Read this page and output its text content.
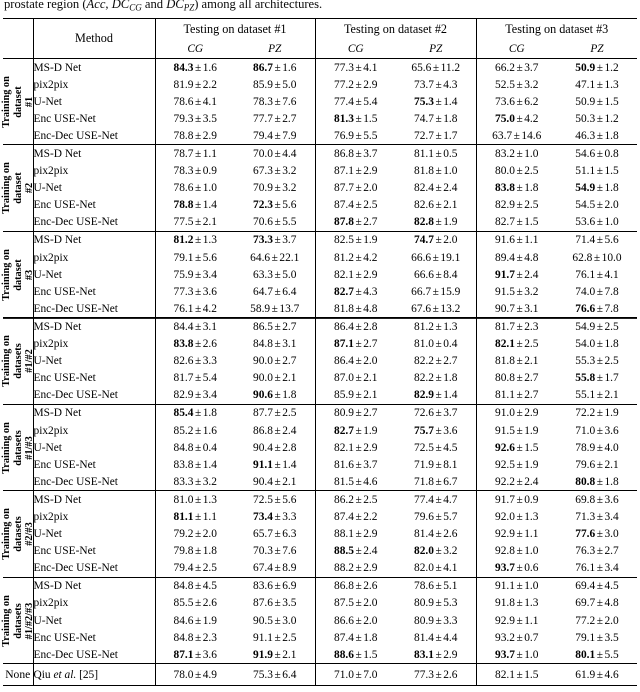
prostate region (Acc, $DC_{CG}$ and $DC_{PZ}$) among all architectures.
	Method	Testing on dataset #1		Testing on dataset #2		Testing on dataset #3	
		CG	PZ	CG	PZ	CG	PZ

Training on dataset #1	MS-D Net	84.3 ± 1.6	86.7 ± 1.6	77.3 ± 4.1	65.6 ± 11.2	66.2 ± 3.7	50.9 ± 1.2
	pix2pix	81.9 ± 2.2	85.9 ± 5.0	77.2 ± 2.9	73.7 ± 4.3	52.5 ± 3.2	47.1 ± 1.3
	U-Net	78.6 ± 4.1	78.3 ± 7.6	77.4 ± 5.4	75.3 ± 1.4	73.6 ± 6.2	50.9 ± 1.5
	Enc USE-Net	79.3 ± 3.5	77.7 ± 2.7	81.3 ± 1.5	74.7 ± 1.8	75.0 ± 4.2	50.3 ± 1.2
	Enc-Dec USE-Net	78.8 ± 2.9	79.4 ± 7.9	76.9 ± 5.5	72.7 ± 1.7	63.7 ± 14.6	46.3 ± 1.8

Training on dataset #2	MS-D Net	78.7 ± 1.1	70.0 ± 4.4	86.8 ± 3.7	81.1 ± 0.5	83.2 ± 1.0	54.6 ± 0.8
	pix2pix	78.3 ± 0.9	67.3 ± 3.2	87.1 ± 2.9	81.8 ± 1.0	80.0 ± 2.5	51.1 ± 1.5
	U-Net	78.6 ± 1.0	70.9 ± 3.2	87.7 ± 2.0	82.4 ± 2.4	83.8 ± 1.8	54.9 ± 1.8
	Enc USE-Net	78.8 ± 1.4	72.3 ± 5.6	87.4 ± 2.5	82.6 ± 2.1	82.9 ± 2.5	54.5 ± 2.0
	Enc-Dec USE-Net	77.5 ± 2.1	70.6 ± 5.5	87.8 ± 2.7	82.8 ± 1.9	82.7 ± 1.5	53.6 ± 1.0

Training on dataset #3	MS-D Net	81.2 ± 1.3	73.3 ± 3.7	82.5 ± 1.9	74.7 ± 2.0	91.6 ± 1.1	71.4 ± 5.6
	pix2pix	79.1 ± 5.6	64.6 ± 22.1	81.2 ± 4.2	66.6 ± 19.1	89.4 ± 4.8	62.8 ± 10.0
	U-Net	75.9 ± 3.4	63.3 ± 5.0	82.1 ± 2.9	66.6 ± 8.4	91.7 ± 2.4	76.1 ± 4.1
	Enc USE-Net	77.3 ± 3.6	64.7 ± 6.4	82.7 ± 4.3	66.7 ± 15.9	91.5 ± 3.2	74.0 ± 7.8
	Enc-Dec USE-Net	76.1 ± 4.2	58.9 ± 13.7	81.8 ± 4.8	67.6 ± 13.2	90.7 ± 3.1	76.6 ± 7.8

Training on datasets #1/#2	MS-D Net	84.4 ± 3.1	86.5 ± 2.7	86.4 ± 2.8	81.2 ± 1.3	81.7 ± 2.3	54.9 ± 2.5
	pix2pix	83.8 ± 2.6	84.8 ± 3.1	87.1 ± 2.7	81.0 ± 0.4	82.1 ± 2.5	54.0 ± 1.8
	U-Net	82.6 ± 3.3	90.0 ± 2.7	86.4 ± 2.0	82.2 ± 2.7	81.8 ± 2.1	55.3 ± 2.5
	Enc USE-Net	81.7 ± 5.4	90.0 ± 2.1	87.0 ± 2.1	82.2 ± 1.8	80.8 ± 2.7	55.8 ± 1.7
	Enc-Dec USE-Net	82.9 ± 3.4	90.6 ± 1.8	85.9 ± 2.1	82.9 ± 1.4	81.1 ± 2.7	55.1 ± 2.1

Training on datasets #1/#3	MS-D Net	85.4 ± 1.8	87.7 ± 2.5	80.9 ± 2.7	72.6 ± 3.7	91.0 ± 2.9	72.2 ± 1.9
	pix2pix	85.2 ± 1.6	86.8 ± 2.4	82.7 ± 1.9	75.7 ± 3.6	91.5 ± 1.9	71.0 ± 3.6
	U-Net	84.8 ± 0.4	90.4 ± 2.8	82.1 ± 2.9	72.5 ± 4.5	92.6 ± 1.5	78.9 ± 4.0
	Enc USE-Net	83.8 ± 1.4	91.1 ± 1.4	81.6 ± 3.7	71.9 ± 8.1	92.5 ± 1.9	79.6 ± 2.1
	Enc-Dec USE-Net	83.3 ± 3.2	90.4 ± 2.1	81.5 ± 4.6	71.8 ± 6.7	92.2 ± 2.4	80.8 ± 1.8

Training on datasets #2/#3	MS-D Net	81.0 ± 1.3	72.5 ± 5.6	86.2 ± 2.5	77.4 ± 4.7	91.7 ± 0.9	69.8 ± 3.6
	pix2pix	81.1 ± 1.1	73.4 ± 3.3	87.4 ± 2.2	79.6 ± 5.7	92.0 ± 1.3	71.3 ± 3.4
	U-Net	79.2 ± 2.0	65.7 ± 6.3	88.1 ± 2.9	81.4 ± 2.6	92.9 ± 1.1	77.6 ± 3.0
	Enc USE-Net	79.8 ± 1.8	70.3 ± 7.6	88.5 ± 2.4	82.0 ± 3.2	92.8 ± 1.0	76.3 ± 2.7
	Enc-Dec USE-Net	79.4 ± 2.5	67.4 ± 8.9	88.2 ± 2.9	82.0 ± 4.1	93.7 ± 0.6	76.1 ± 3.4

Training on datasets #1/#2/#3	MS-D Net	84.8 ± 4.5	83.6 ± 6.9	86.8 ± 2.6	78.6 ± 5.1	91.1 ± 1.0	69.4 ± 4.5
	pix2pix	85.5 ± 2.6	87.6 ± 3.5	87.5 ± 2.0	80.9 ± 5.3	91.8 ± 1.3	69.7 ± 4.8
	U-Net	84.6 ± 1.9	90.5 ± 3.0	86.6 ± 2.0	80.9 ± 3.3	92.9 ± 1.1	77.2 ± 2.0
	Enc USE-Net	84.8 ± 2.3	91.1 ± 2.5	87.4 ± 1.8	81.4 ± 4.4	93.2 ± 0.7	79.1 ± 3.5
	Enc-Dec USE-Net	87.1 ± 3.6	91.9 ± 2.1	88.6 ± 1.5	83.1 ± 2.9	93.7 ± 1.0	80.1 ± 5.5
None	Qiu et al. [25]	78.0 ± 4.9	75.3 ± 6.4	71.0 ± 7.0	77.3 ± 2.6	82.1 ± 1.5	61.9 ± 4.6
